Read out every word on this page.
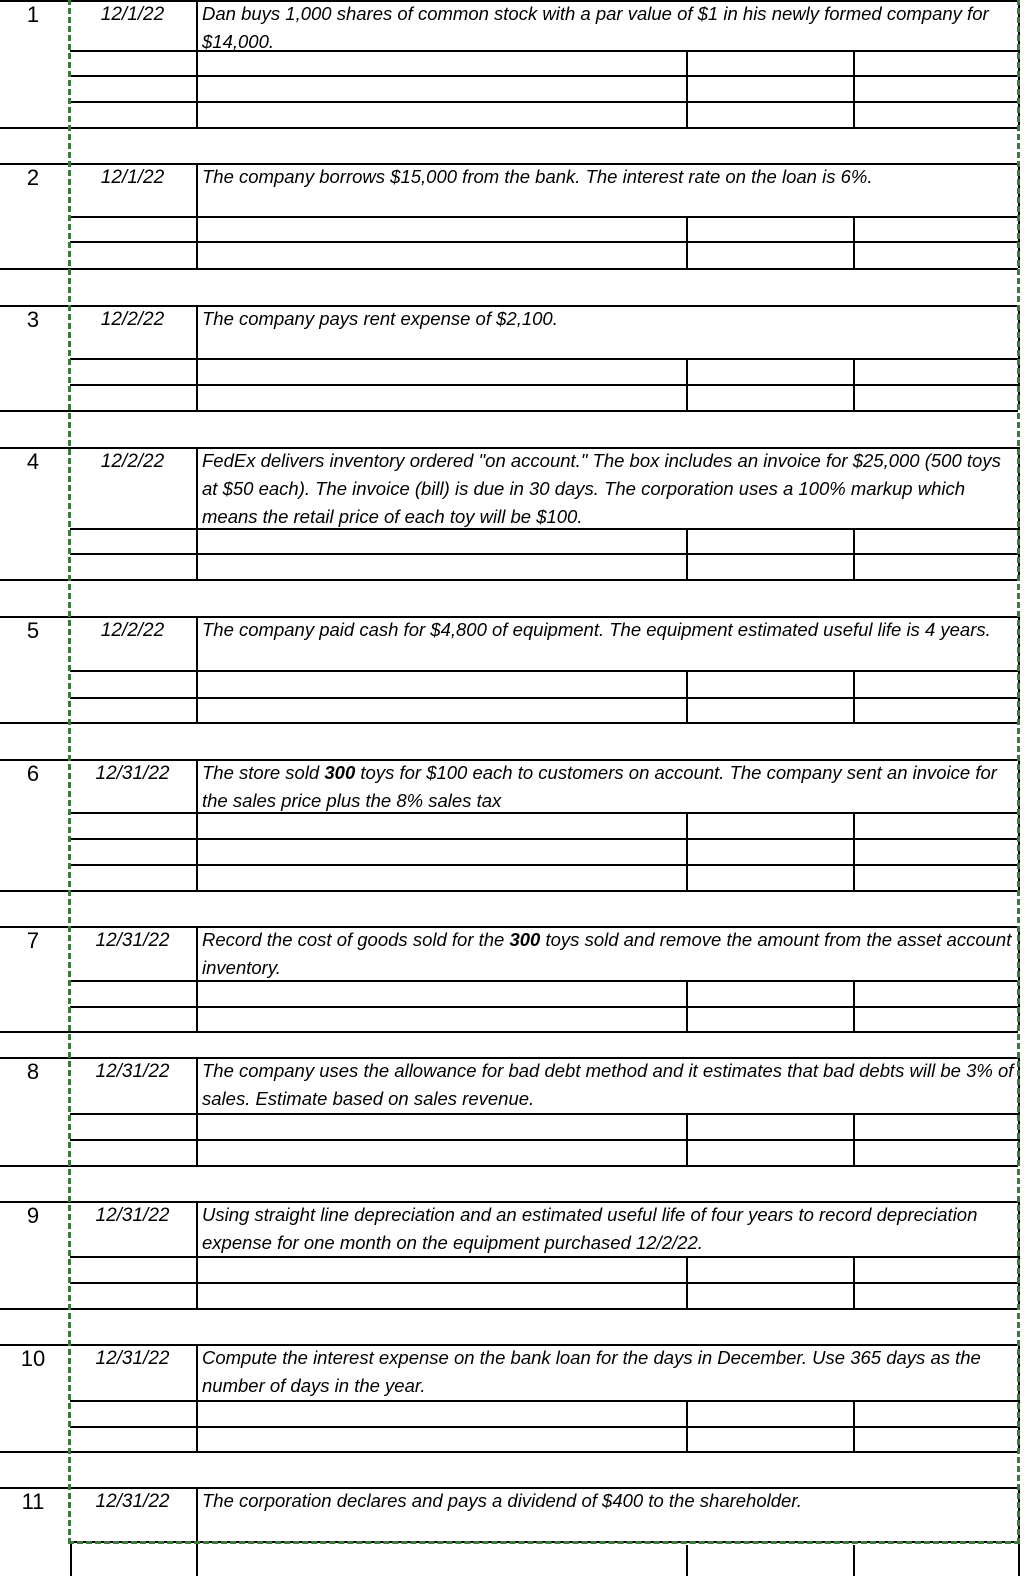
1	12/1/22	Dan buys 1,000 shares of common stock with a par value of $1 in his newly formed company for $14,000.
2	12/1/22	The company borrows $15,000 from the bank. The interest rate on the loan is 6%.
3	12/2/22	The company pays rent expense of $2,100.
4	12/2/22	FedEx delivers inventory ordered "on account." The box includes an invoice for $25,000 (500 toys at $50 each). The invoice (bill) is due in 30 days. The corporation uses a 100% markup which means the retail price of each toy will be $100.
5	12/2/22	The company paid cash for $4,800 of equipment. The equipment estimated useful life is 4 years.
6	12/31/22	The store sold 300 toys for $100 each to customers on account. The company sent an invoice for the sales price plus the 8% sales tax
7	12/31/22	Record the cost of goods sold for the 300 toys sold and remove the amount from the asset account inventory.
8	12/31/22	The company uses the allowance for bad debt method and it estimates that bad debts will be 3% of sales. Estimate based on sales revenue.
9	12/31/22	Using straight line depreciation and an estimated useful life of four years to record depreciation expense for one month on the equipment purchased 12/2/22.
10	12/31/22	Compute the interest expense on the bank loan for the days in December. Use 365 days as the number of days in the year.
11	12/31/22	The corporation declares and pays a dividend of $400 to the shareholder.
